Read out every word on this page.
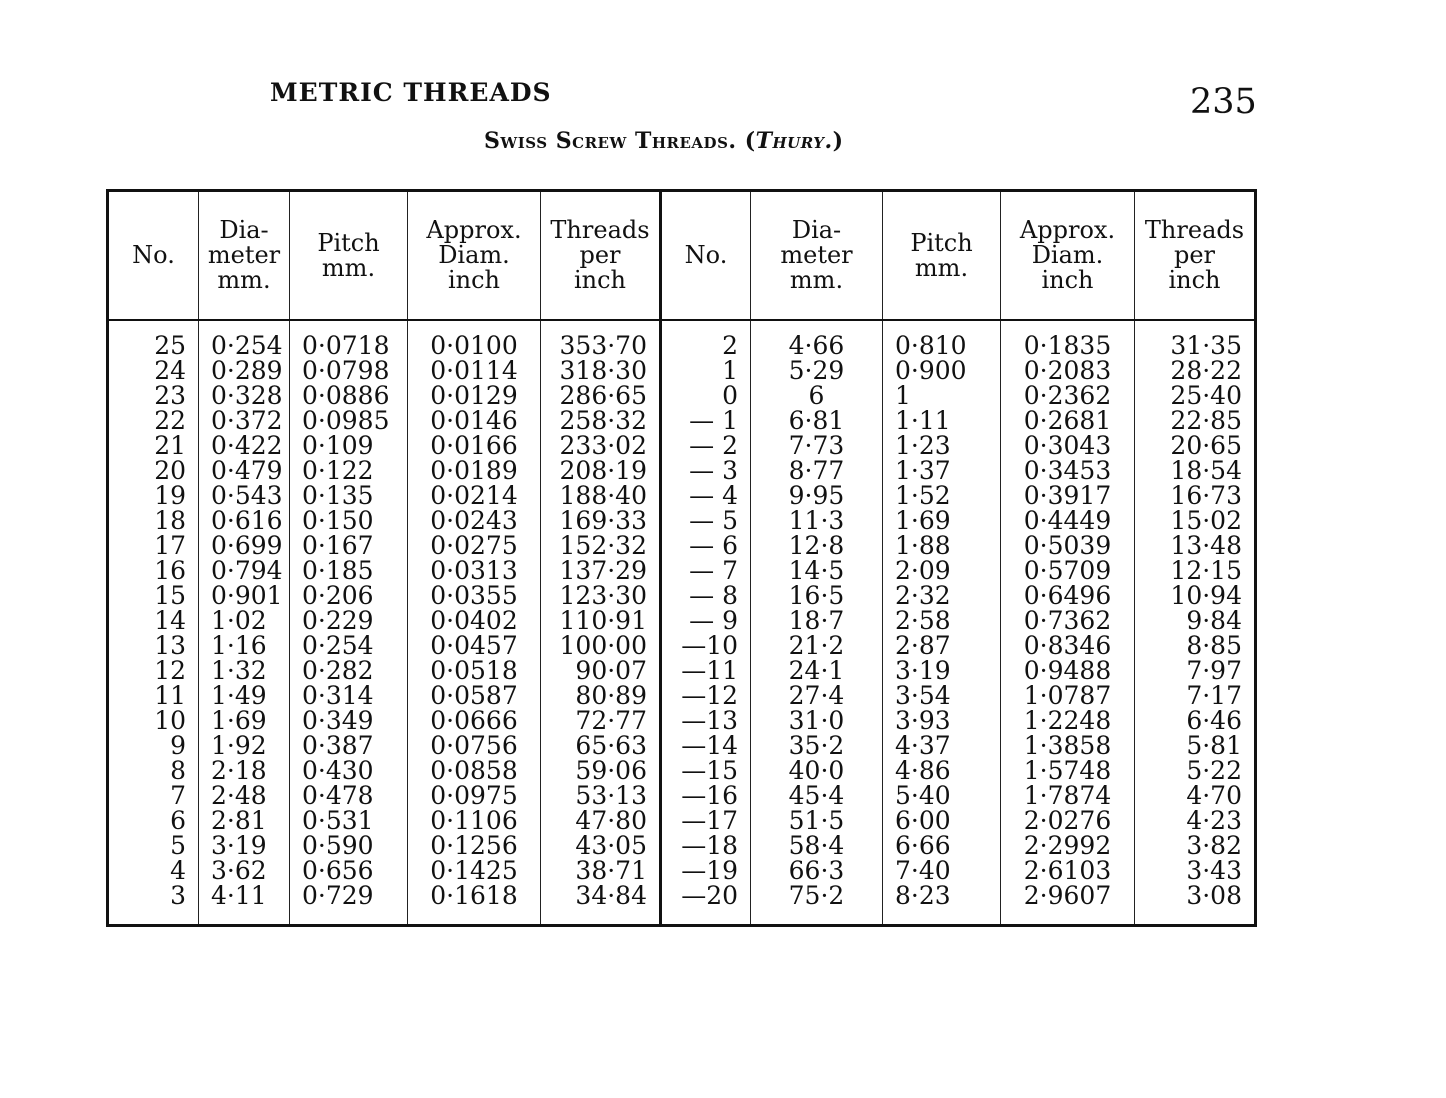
METRIC THREADS	235
Swiss Screw Threads. (Thury.)
No.	Dia-
meter
mm.	Pitch
mm.	Approx.
Diam.
inch	Threads
per
inch	No.	Dia-
meter
mm.	Pitch
mm.	Approx.
Diam.
inch	Threads
per
inch
25	0·254	0·0718	0·0100	353·70	2	4·66	0·810	0·1835	31·35
24	0·289	0·0798	0·0114	318·30	1	5·29	0·900	0·2083	28·22
23	0·328	0·0886	0·0129	286·65	0	6	1	0·2362	25·40
22	0·372	0·0985	0·0146	258·32	— 1	6·81	1·11	0·2681	22·85
21	0·422	0·109	0·0166	233·02	— 2	7·73	1·23	0·3043	20·65
20	0·479	0·122	0·0189	208·19	— 3	8·77	1·37	0·3453	18·54
19	0·543	0·135	0·0214	188·40	— 4	9·95	1·52	0·3917	16·73
18	0·616	0·150	0·0243	169·33	— 5	11·3	1·69	0·4449	15·02
17	0·699	0·167	0·0275	152·32	— 6	12·8	1·88	0·5039	13·48
16	0·794	0·185	0·0313	137·29	— 7	14·5	2·09	0·5709	12·15
15	0·901	0·206	0·0355	123·30	— 8	16·5	2·32	0·6496	10·94
14	1·02	0·229	0·0402	110·91	— 9	18·7	2·58	0·7362	9·84
13	1·16	0·254	0·0457	100·00	—10	21·2	2·87	0·8346	8·85
12	1·32	0·282	0·0518	90·07	—11	24·1	3·19	0·9488	7·97
11	1·49	0·314	0·0587	80·89	—12	27·4	3·54	1·0787	7·17
10	1·69	0·349	0·0666	72·77	—13	31·0	3·93	1·2248	6·46
9	1·92	0·387	0·0756	65·63	—14	35·2	4·37	1·3858	5·81
8	2·18	0·430	0·0858	59·06	—15	40·0	4·86	1·5748	5·22
7	2·48	0·478	0·0975	53·13	—16	45·4	5·40	1·7874	4·70
6	2·81	0·531	0·1106	47·80	—17	51·5	6·00	2·0276	4·23
5	3·19	0·590	0·1256	43·05	—18	58·4	6·66	2·2992	3·82
4	3·62	0·656	0·1425	38·71	—19	66·3	7·40	2·6103	3·43
3	4·11	0·729	0·1618	34·84	—20	75·2	8·23	2·9607	3·08
